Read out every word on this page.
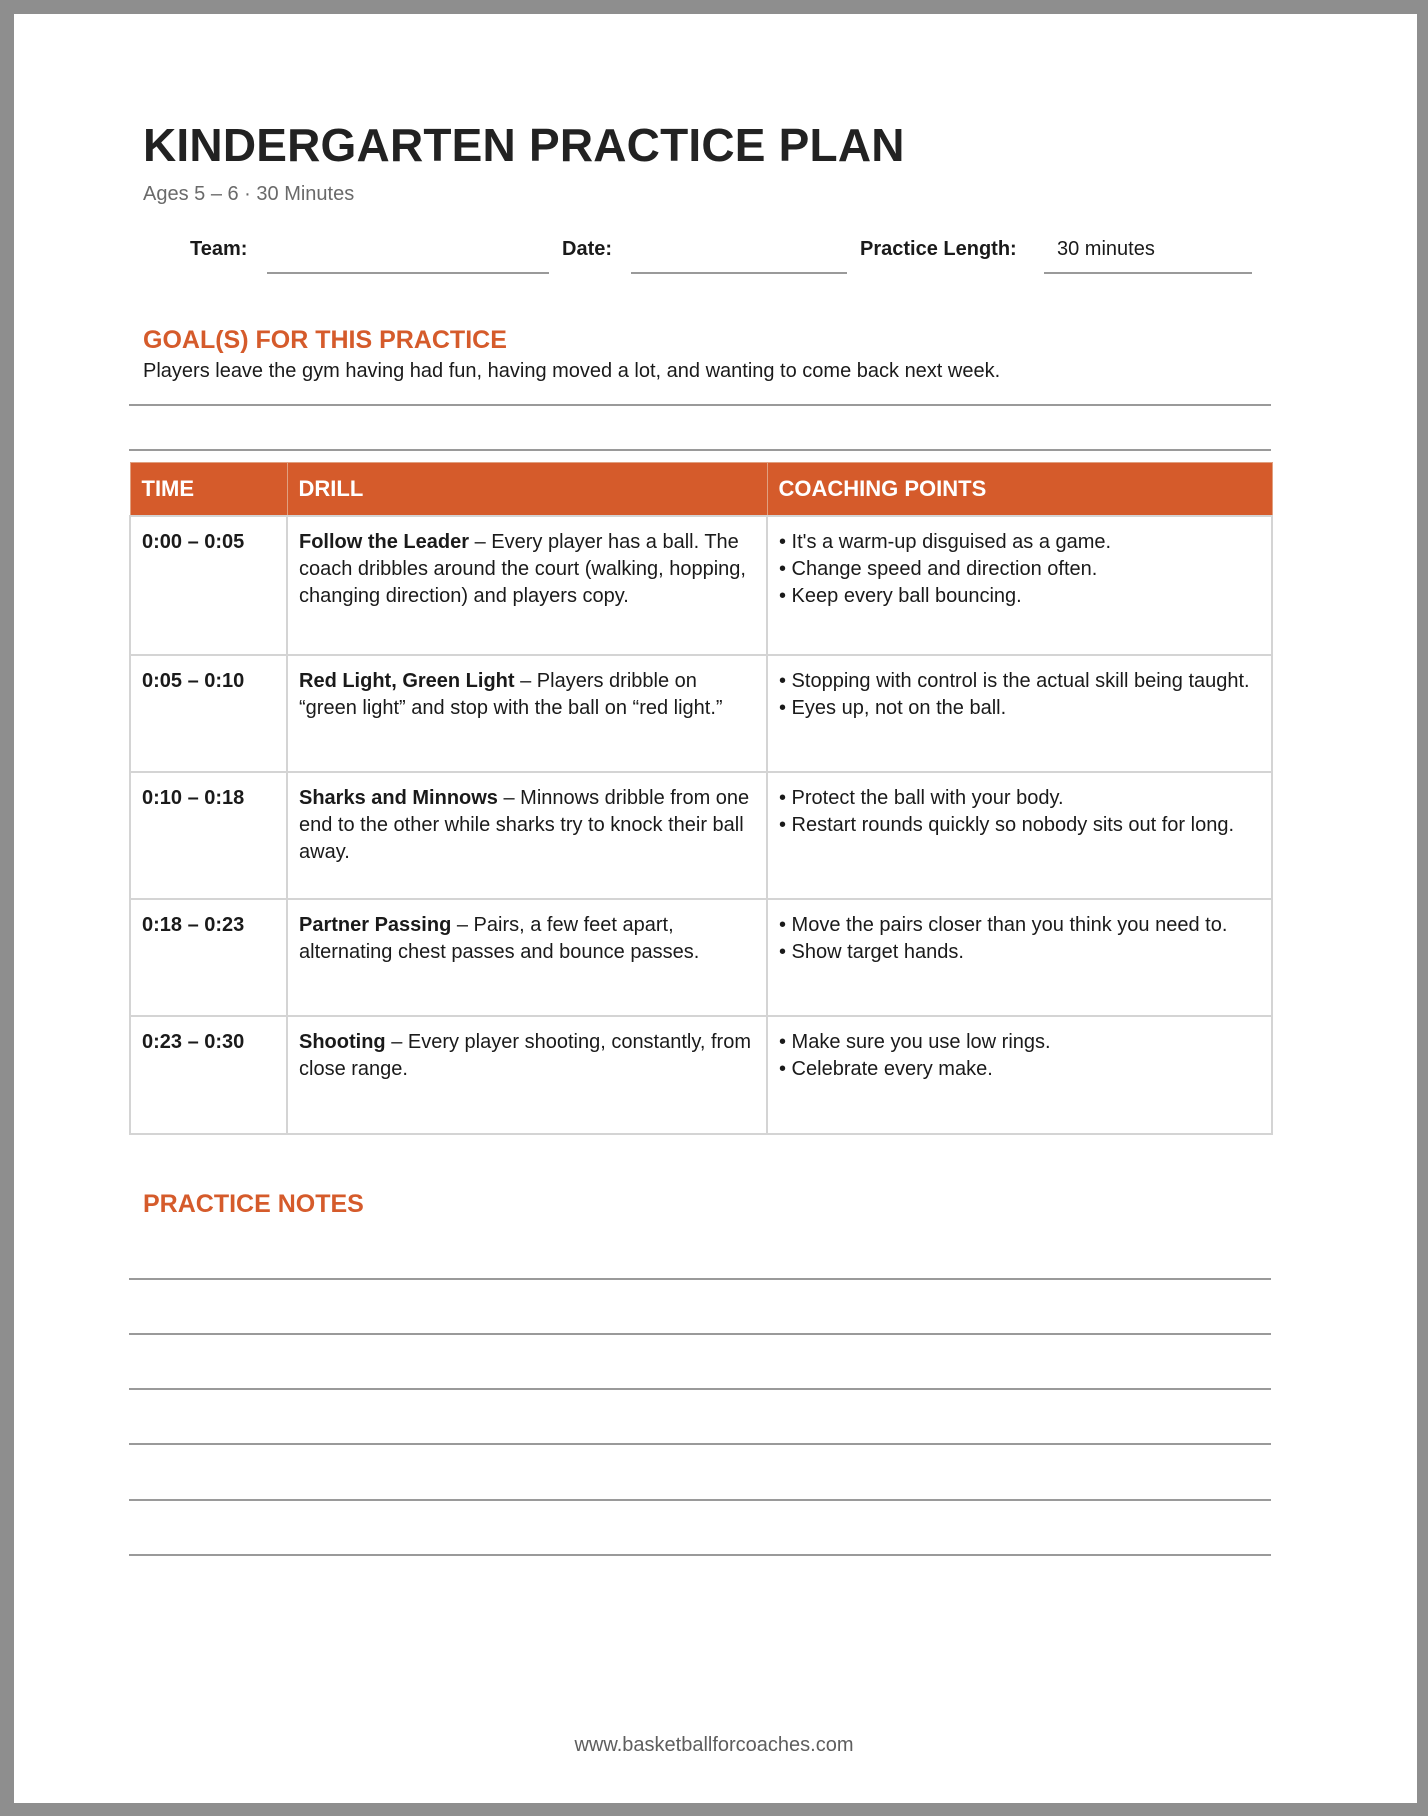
KINDERGARTEN PRACTICE PLAN
Ages 5 – 6 · 30 Minutes
Team:	Date:	Practice Length: 30 minutes
GOAL(S) FOR THIS PRACTICE
Players leave the gym having had fun, having moved a lot, and wanting to come back next week.
TIME	DRILL	COACHING POINTS
0:00 – 0:05	Follow the Leader – Every player has a ball. The coach dribbles around the court (walking, hopping, changing direction) and players copy.	• It's a warm-up disguised as a game.
• Change speed and direction often.
• Keep every ball bouncing.

0:05 – 0:10	Red Light, Green Light – Players dribble on “green light” and stop with the ball on “red light.”	• Stopping with control is the actual skill being taught.
• Eyes up, not on the ball.

0:10 – 0:18	Sharks and Minnows – Minnows dribble from one end to the other while sharks try to knock their ball away.	• Protect the ball with your body.
• Restart rounds quickly so nobody sits out for long.

0:18 – 0:23	Partner Passing – Pairs, a few feet apart, alternating chest passes and bounce passes.	• Move the pairs closer than you think you need to.
• Show target hands.

0:23 – 0:30	Shooting – Every player shooting, constantly, from close range.	• Make sure you use low rings.
• Celebrate every make.
PRACTICE NOTES
www.basketballforcoaches.com
